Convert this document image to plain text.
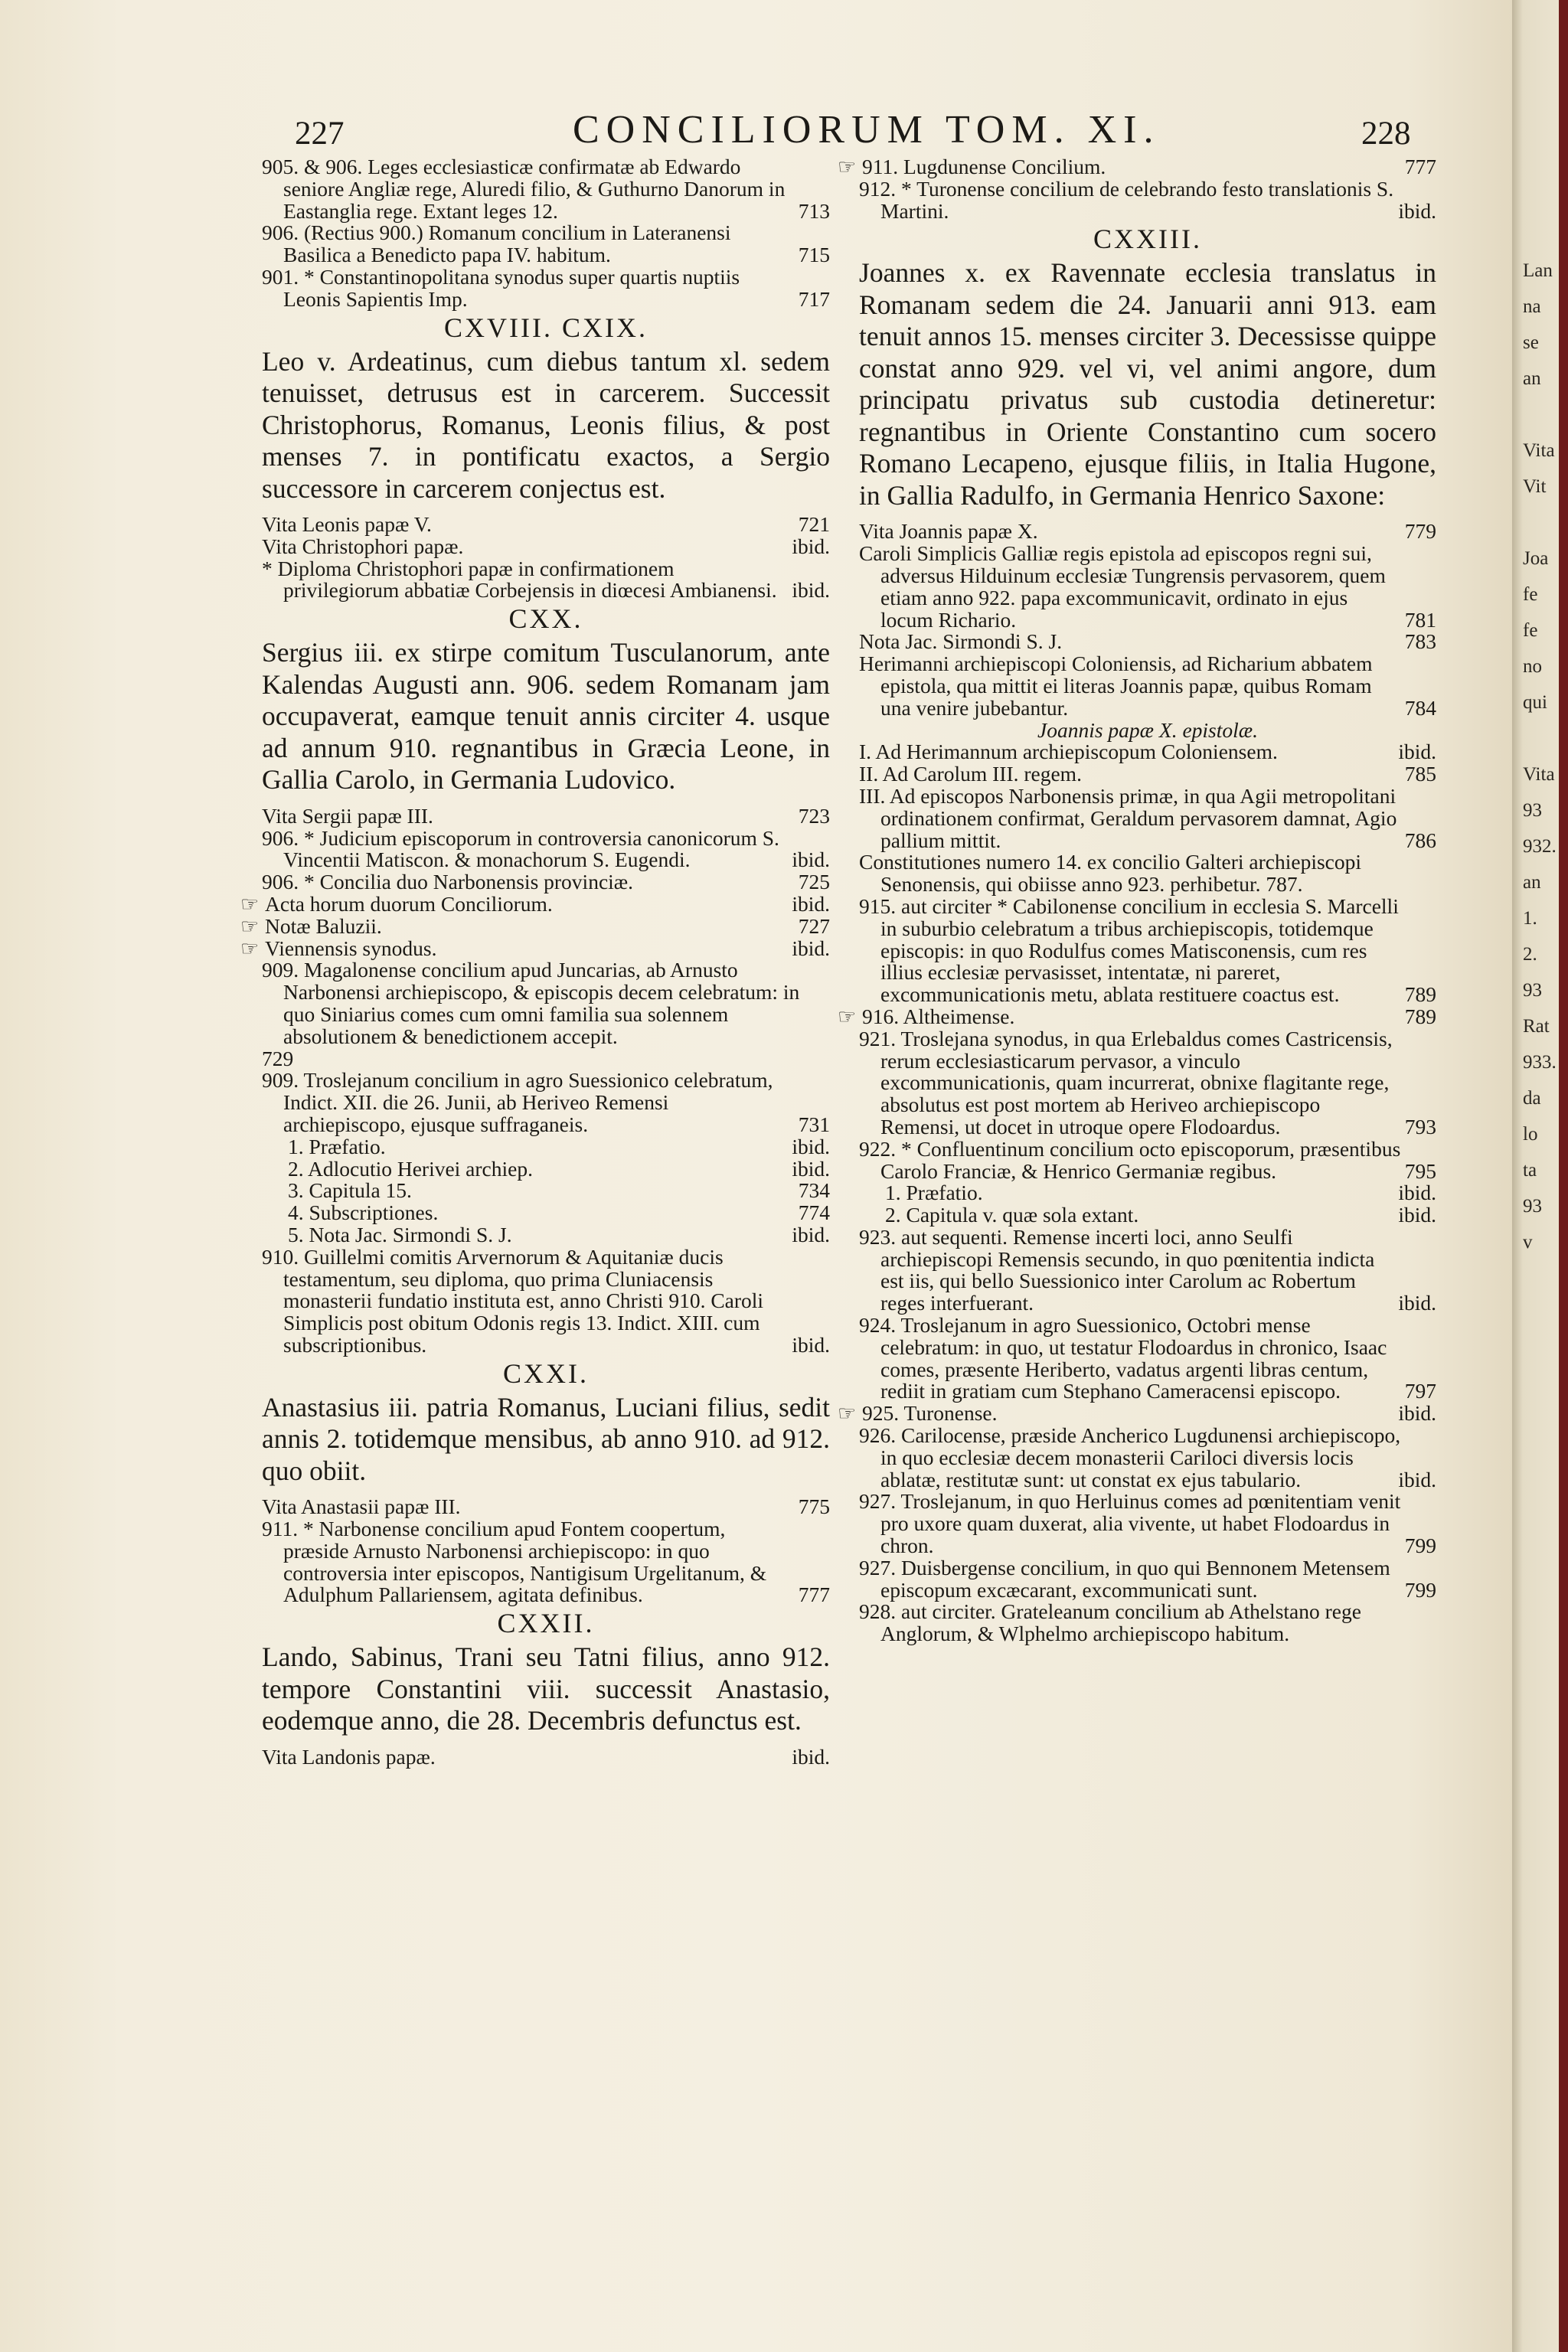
227	CONCILIORUM TOM. XI.	228
905. & 906. Leges ecclesiasticæ confirmatæ ab Edwardo seniore Angliæ rege, Aluredi filio, & Guthurno Danorum in Eastanglia rege. Extant leges 12.	713
906. (Rectius 900.) Romanum concilium in Lateranensi Basilica a Benedicto papa IV. habitum.	715
901. * Constantinopolitana synodus super quartis nuptiis Leonis Sapientis Imp.	717
CXVIII. CXIX.
Leo v. Ardeatinus, cum diebus tantum xl. sedem tenuisset, detrusus est in carcerem. Successit Christophorus, Romanus, Leonis filius, & post menses 7. in pontificatu exactos, a Sergio successore in carcerem conjectus est.
Vita Leonis papæ V.	721
Vita Christophori papæ.	ibid.
* Diploma Christophori papæ in confirmationem privilegiorum abbatiæ Corbejensis in diœcesi Ambianensi. ibid.
CXX.
Sergius iii. ex stirpe comitum Tusculanorum, ante Kalendas Augusti ann. 906. sedem Romanam jam occupaverat, eamque tenuit annis circiter 4. usque ad annum 910. regnantibus in Græcia Leone, in Gallia Carolo, in Germania Ludovico.
Vita Sergii papæ III.	723
906. * Judicium episcoporum in controversia canonicorum S. Vincentii Matiscon. & monachorum S. Eugendi.	ibid.
906. * Concilia duo Narbonensis provinciæ.	725
☞ Acta horum duorum Conciliorum.	ibid.
☞ Notæ Baluzii.	727
☞ Viennensis synodus.	ibid.
909. Magalonense concilium apud Juncarias, ab Arnusto Narbonensi archiepiscopo, & episcopis decem celebratum: in quo Siniarius comes cum omni familia sua solennem absolutionem & benedictionem accepit.
729
909. Troslejanum concilium in agro Suessionico celebratum, Indict. XII. die 26. Junii, ab Heriveo Remensi archiepiscopo, ejusque suffraganeis.	731
1. Præfatio.	ibid.
2. Adlocutio Herivei archiep.	ibid.
3. Capitula 15.	734
4. Subscriptiones.	774
5. Nota Jac. Sirmondi S. J.	ibid.
910. Guillelmi comitis Arvernorum & Aquitaniæ ducis testamentum, seu diploma, quo prima Cluniacensis monasterii fundatio instituta est, anno Christi 910. Caroli Simplicis post obitum Odonis regis 13. Indict. XIII. cum subscriptionibus.	ibid.
CXXI.
Anastasius iii. patria Romanus, Luciani filius, sedit annis 2. totidemque mensibus, ab anno 910. ad 912. quo obiit.
Vita Anastasii papæ III.	775
911. * Narbonense concilium apud Fontem coopertum, præside Arnusto Narbonensi archiepiscopo: in quo controversia inter episcopos, Nantigisum Urgelitanum, & Adulphum Pallariensem, agitata definibus.	777
CXXII.
Lando, Sabinus, Trani seu Tatni filius, anno 912. tempore Constantini viii. successit Anastasio, eodemque anno, die 28. Decembris defunctus est.
Vita Landonis papæ.	ibid.
☞ 911. Lugdunense Concilium.	777
912. * Turonense concilium de celebrando festo translationis S. Martini.	ibid.
CXXIII.
Joannes x. ex Ravennate ecclesia translatus in Romanam sedem die 24. Januarii anni 913. eam tenuit annos 15. menses circiter 3. Decessisse quippe constat anno 929. vel vi, vel animi angore, dum principatu privatus sub custodia detineretur: regnantibus in Oriente Constantino cum socero Romano Lecapeno, ejusque filiis, in Italia Hugone, in Gallia Radulfo, in Germania Henrico Saxone:
Vita Joannis papæ X.	779
Caroli Simplicis Galliæ regis epistola ad episcopos regni sui, adversus Hilduinum ecclesiæ Tungrensis pervasorem, quem etiam anno 922. papa excommunicavit, ordinato in ejus locum Richario.	781
Nota Jac. Sirmondi S. J.	783
Herimanni archiepiscopi Coloniensis, ad Richarium abbatem epistola, qua mittit ei literas Joannis papæ, quibus Romam una venire jubebantur.	784
Joannis papæ X. epistolæ.
I. Ad Herimannum archiepiscopum Coloniensem.	ibid.
II. Ad Carolum III. regem.	785
III. Ad episcopos Narbonensis primæ, in qua Agii metropolitani ordinationem confirmat, Geraldum pervasorem damnat, Agio pallium mittit.	786
Constitutiones numero 14. ex concilio Galteri archiepiscopi Senonensis, qui obiisse anno 923. perhibetur. 787.
915. aut circiter * Cabilonense concilium in ecclesia S. Marcelli in suburbio celebratum a tribus archiepiscopis, totidemque episcopis: in quo Rodulfus comes Matisconensis, cum res illius ecclesiæ pervasisset, intentatæ, ni pareret, excommunicationis metu, ablata restituere coactus est.	789
☞ 916. Altheimense.	789
921. Troslejana synodus, in qua Erlebaldus comes Castricensis, rerum ecclesiasticarum pervasor, a vinculo excommunicationis, quam incurrerat, obnixe flagitante rege, absolutus est post mortem ab Heriveo archiepiscopo Remensi, ut docet in utroque opere Flodoardus.	793
922. * Confluentinum concilium octo episcoporum, præsentibus Carolo Franciæ, & Henrico Germaniæ regibus.	795
1. Præfatio.	ibid.
2. Capitula v. quæ sola extant.	ibid.
923. aut sequenti. Remense incerti loci, anno Seulfi archiepiscopi Remensis secundo, in quo pœnitentia indicta est iis, qui bello Suessionico inter Carolum ac Robertum reges interfuerant.	ibid.
924. Troslejanum in agro Suessionico, Octobri mense celebratum: in quo, ut testatur Flodoardus in chronico, Isaac comes, præsente Heriberto, vadatus argenti libras centum, rediit in gratiam cum Stephano Cameracensi episcopo.	797
☞ 925. Turonense.	ibid.
926. Carilocense, præside Ancherico Lugdunensi archiepiscopo, in quo ecclesiæ decem monasterii Cariloci diversis locis ablatæ, restitutæ sunt: ut constat ex ejus tabulario.	ibid.
927. Troslejanum, in quo Herluinus comes ad pœnitentiam venit pro uxore quam duxerat, alia vivente, ut habet Flodoardus in chron.	799
927. Duisbergense concilium, in quo qui Bennonem Metensem episcopum excæcarant, excommunicati sunt.	799
928. aut circiter. Grateleanum concilium ab Athelstano rege Anglorum, & Wlphelmo archiepiscopo habitum.
Lan
na
se
an

Vita
Vit

Joa
fe
fe
no
qui

Vita
93
932.
an
1.
2.
93
Rat
933.
da
lo
ta
93
v
